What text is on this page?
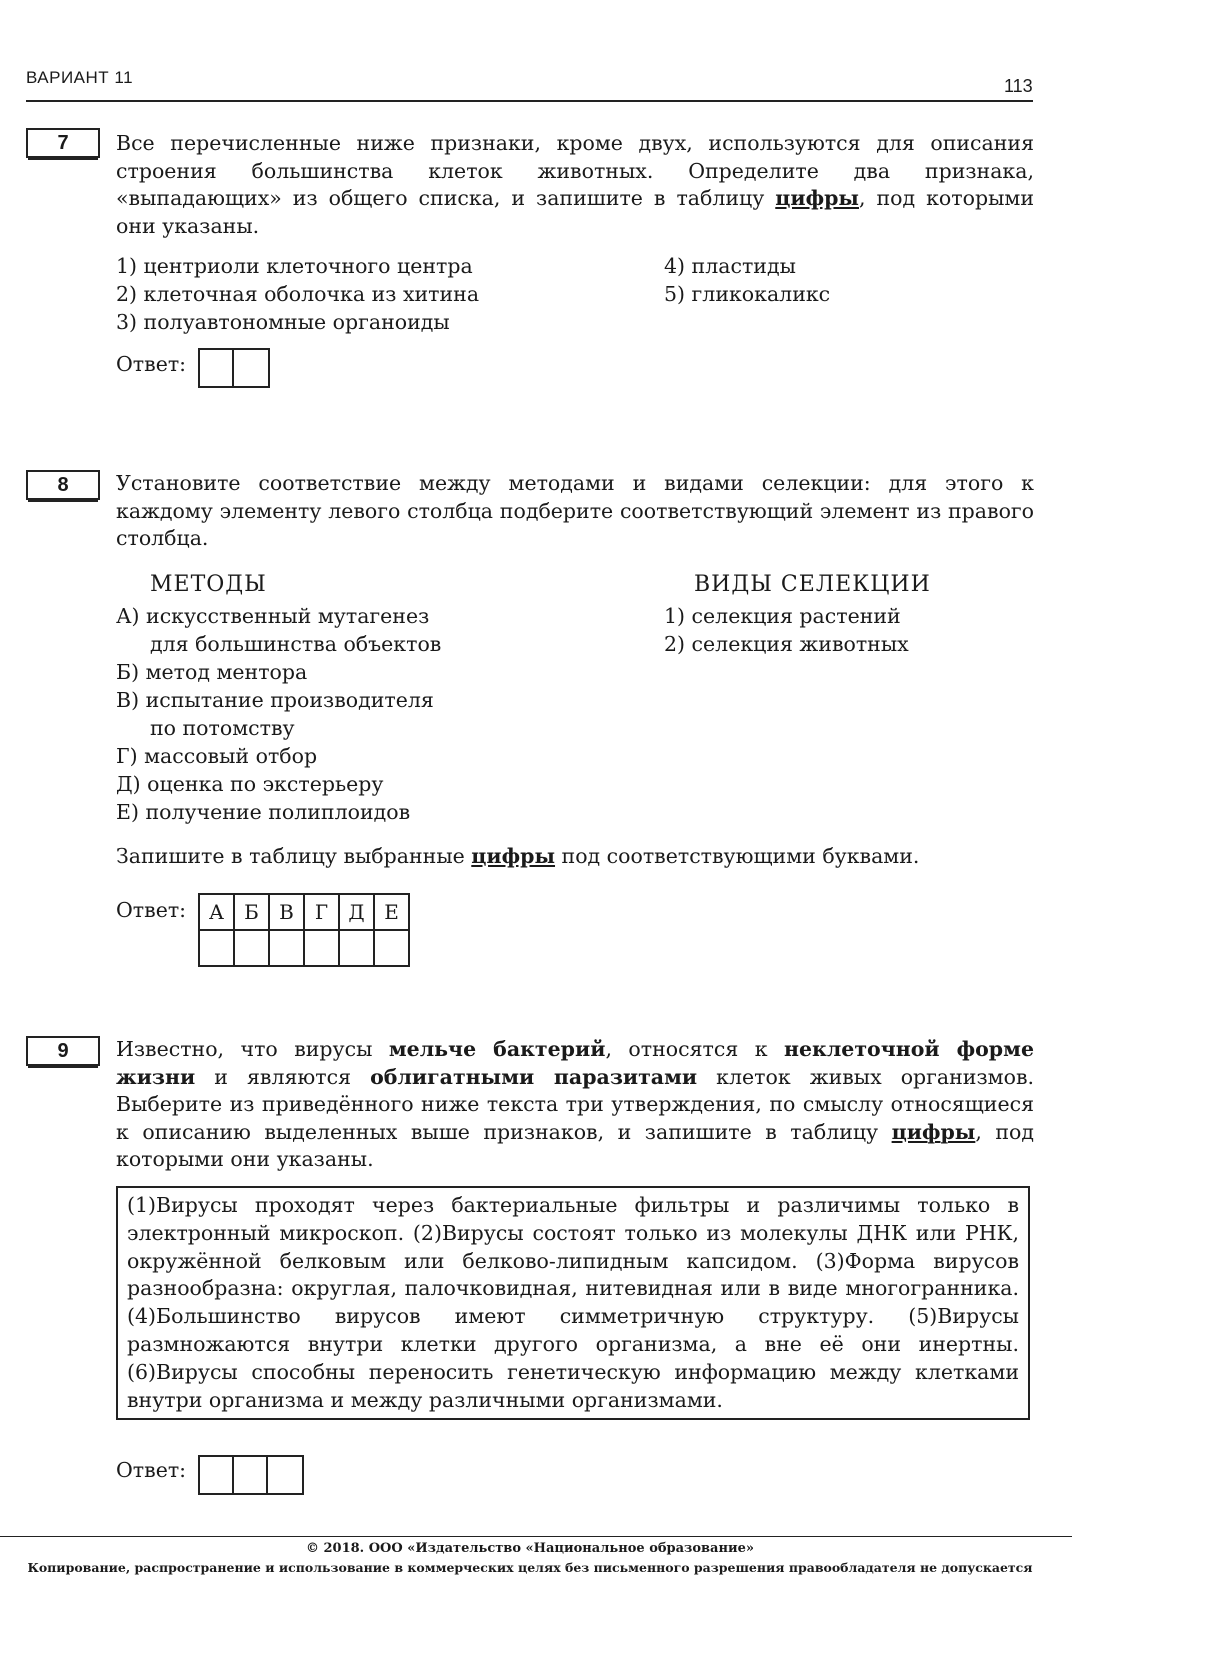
ВАРИАНТ 11	113
7	Все перечисленные ниже признаки, кроме двух, используются для описания строения большинства клеток животных. Определите два признака, «выпадающих» из общего списка, и запишите в таблицу цифры, под которыми они указаны.
1) центриоли клеточного центра
2) клеточная оболочка из хитина
3) полуавтономные органоиды
4) пластиды
5) гликокаликс
Ответ:
8	Установите соответствие между методами и видами селекции: для этого к каждому элементу левого столбца подберите соответствующий элемент из правого столбца.
МЕТОДЫ	ВИДЫ СЕЛЕКЦИИ
А) искусственный мутагенез
для большинства объектов
Б) метод ментора
В) испытание производителя
по потомству
Г) массовый отбор
Д) оценка по экстерьеру
Е) получение полиплоидов
1) селекция растений
2) селекция животных
Запишите в таблицу выбранные цифры под соответствующими буквами.
Ответ: А	Б	В	Г	Д	Е

9	Известно, что вирусы мельче бактерий, относятся к неклеточной форме жизни и являются облигатными паразитами клеток живых организмов. Выберите из приведённого ниже текста три утверждения, по смыслу относящиеся к описанию выделенных выше признаков, и запишите в таблицу цифры, под которыми они указаны.
(1)Вирусы проходят через бактериальные фильтры и различимы только в электронный микроскоп. (2)Вирусы состоят только из молекулы ДНК или РНК, окружённой белковым или белково-липидным капсидом. (3)Форма вирусов разнообразна: округлая, палочковидная, нитевидная или в виде многогранника. (4)Большинство вирусов имеют симметричную структуру. (5)Вирусы размножаются внутри клетки другого организма, а вне её они инертны. (6)Вирусы способны переносить генетическую информацию между клетками внутри организма и между различными организмами.
Ответ:
© 2018. ООО «Издательство «Национальное образование»
Копирование, распространение и использование в коммерческих целях без письменного разрешения правообладателя не допускается
